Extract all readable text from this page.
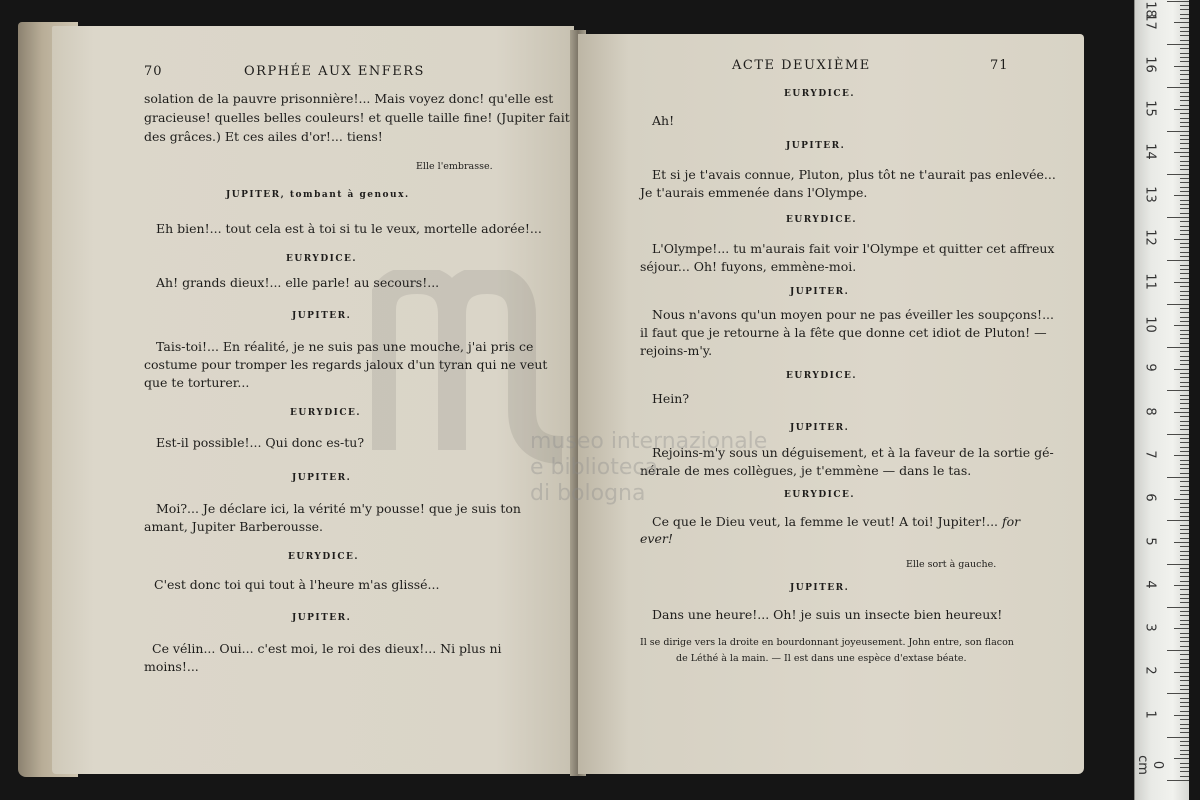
70	ORPHÉE AUX ENFERS
solation de la pauvre prisonnière!... Mais voyez donc! qu'elle est
gracieuse! quelles belles couleurs! et quelle taille fine! (Jupiter fait
des grâces.) Et ces ailes d'or!... tiens!
Elle l'embrasse.
JUPITER, tombant à genoux.
Eh bien!... tout cela est à toi si tu le veux, mortelle adorée!...
EURYDICE.
Ah! grands dieux!... elle parle! au secours!...
JUPITER.
Tais-toi!... En réalité, je ne suis pas une mouche, j'ai pris ce
costume pour tromper les regards jaloux d'un tyran qui ne veut
que te torturer...
EURYDICE.
Est-il possible!... Qui donc es-tu?
JUPITER.
Moi?... Je déclare ici, la vérité m'y pousse! que je suis ton
amant, Jupiter Barberousse.
EURYDICE.
C'est donc toi qui tout à l'heure m'as glissé...
JUPITER.
Ce vélin... Oui... c'est moi, le roi des dieux!... Ni plus ni
moins!...
ACTE DEUXIÈME	71
EURYDICE.
Ah!
JUPITER.
Et si je t'avais connue, Pluton, plus tôt ne t'aurait pas enlevée...
Je t'aurais emmenée dans l'Olympe.
EURYDICE.
L'Olympe!... tu m'aurais fait voir l'Olympe et quitter cet affreux
séjour... Oh! fuyons, emmène-moi.
JUPITER.
Nous n'avons qu'un moyen pour ne pas éveiller les soupçons!...
il faut que je retourne à la fête que donne cet idiot de Pluton! —
rejoins-m'y.
EURYDICE.
Hein?
JUPITER.
Rejoins-m'y sous un déguisement, et à la faveur de la sortie gé-
nérale de mes collègues, je t'emmène — dans le tas.
EURYDICE.
Ce que le Dieu veut, la femme le veut! A toi! Jupiter!... for
ever!
Elle sort à gauche.
JUPITER.
Dans une heure!... Oh! je suis un insecte bien heureux!
Il se dirige vers la droite en bourdonnant joyeusement. John entre, son flacon
de Léthé à la main. — Il est dans une espèce d'extase béate.
museo internazionale
e biblioteca
di bologna
18
17
16
15
14
13
12
11
10
9
8
7
6
5
4
3
2
1
0 cm
